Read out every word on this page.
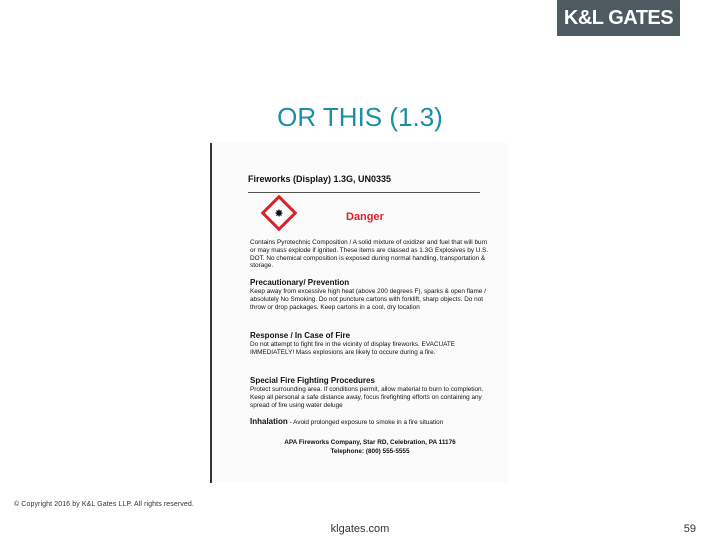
K&L GATES
OR THIS (1.3)
Fireworks (Display) 1.3G, UN0335
✸	Danger
Contains Pyrotechnic Composition / A solid mixture of oxidizer and fuel that will burn or may mass explode if ignited. These items are classed as 1.3G Explosives by U.S. DOT. No chemical composition is exposed during normal handling, transportation & storage.
Precautionary/ Prevention
Keep away from excessive high heat (above 200 degrees F), sparks & open flame / absolutely No Smoking. Do not puncture cartons with forklift, sharp objects. Do not throw or drop packages. Keep cartons in a cool, dry location
Response / In Case of Fire
Do not attempt to fight fire in the vicinity of display fireworks. EVACUATE IMMEDIATELY! Mass explosions are likely to occure during a fire.
Special Fire Fighting Procedures
Protect surrounding area. If conditions permit, allow material to burn to completion. Keep all personal a safe distance away, focus firefighting efforts on containing any spread of fire using water deluge
Inhalation - Avoid prolonged exposure to smoke in a fire situation
APA Fireworks Company, Star RD, Celebration, PA 11176
Telephone: (800) 555-5555
© Copyright 2016 by K&L Gates LLP. All rights reserved.
klgates.com	59
